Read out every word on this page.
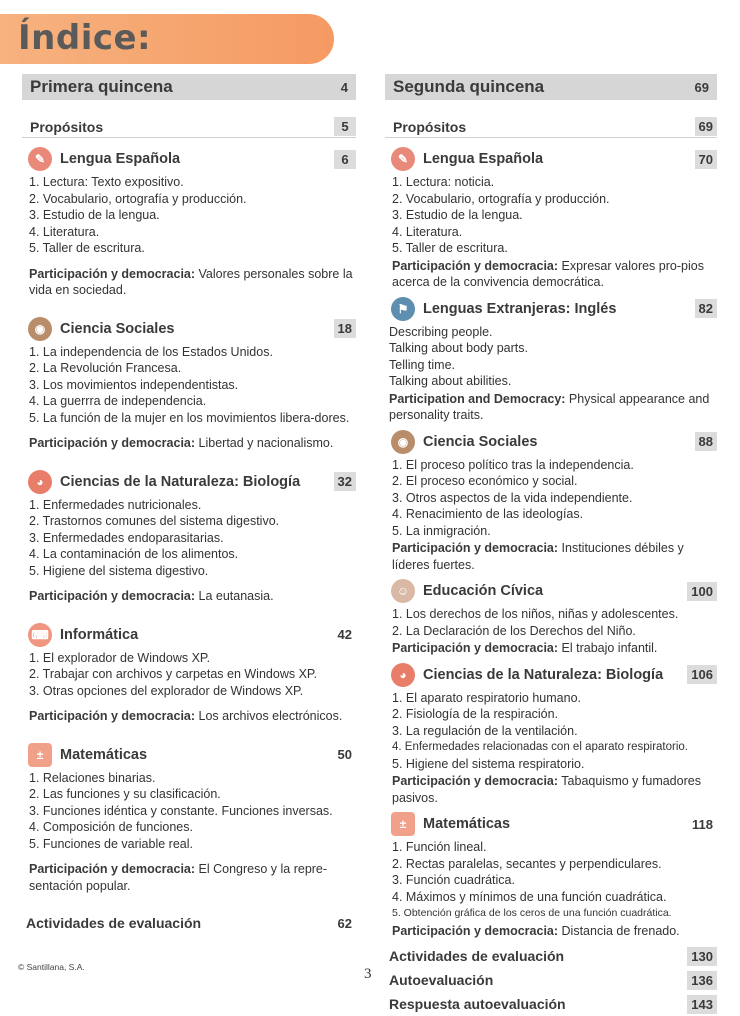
Índice:
Primera quincena	4
Propósitos	5
✎	Lengua Española	6
1. Lectura: Texto expositivo.
2. Vocabulario, ortografía y producción.
3. Estudio de la lengua.
4. Literatura.
5. Taller de escritura.
Participación y democracia: Valores personales sobre la vida en sociedad.
◉	Ciencia Sociales	18
1. La independencia de los Estados Unidos.
2. La Revolución Francesa.
3. Los movimientos independentistas.
4. La guerrra de independencia.
5. La función de la mujer en los movimientos libera-dores.
Participación y democracia: Libertad y nacionalismo.
◕	Ciencias de la Naturaleza: Biología	32
1. Enfermedades nutricionales.
2. Trastornos comunes del sistema digestivo.
3. Enfermedades endoparasitarias.
4. La contaminación de los alimentos.
5. Higiene del sistema digestivo.
Participación y democracia: La eutanasia.
⌨ Informática	42
1. El explorador de Windows XP.
2. Trabajar con archivos y carpetas en Windows XP.
3. Otras opciones del explorador de Windows XP.
Participación y democracia: Los archivos electrónicos.
±	Matemáticas	50
1. Relaciones binarias.
2. Las funciones y su clasificación.
3. Funciones idéntica y constante. Funciones inversas.
4. Composición de funciones.
5. Funciones de variable real.
Participación y democracia: El Congreso y la repre-sentación popular.
Actividades de evaluación	62
Segunda quincena	69
Propósitos	69
✎	Lengua Española	70
1. Lectura: noticia.
2. Vocabulario, ortografía y producción.
3. Estudio de la lengua.
4. Literatura.
5. Taller de escritura.
Participación y democracia: Expresar valores pro-pios acerca de la convivencia democrática.
⚑	Lenguas Extranjeras: Inglés	82
Describing people.
Talking about body parts.
Telling time.
Talking about abilities.
Participation and Democracy: Physical appearance and personality traits.
◉	Ciencia Sociales	88
1. El proceso político tras la independencia.
2. El proceso económico y social.
3. Otros aspectos de la vida independiente.
4. Renacimiento de las ideologías.
5. La inmigración.
Participación y democracia: Instituciones débiles y líderes fuertes.
☺ Educación Cívica	100
1. Los derechos de los niños, niñas y adolescentes.
2. La Declaración de los Derechos del Niño.
Participación y democracia: El trabajo infantil.
◕	Ciencias de la Naturaleza: Biología	106
1. El aparato respiratorio humano.
2. Fisiología de la respiración.
3. La regulación de la ventilación.
4. Enfermedades relacionadas con el aparato respiratorio.
5. Higiene del sistema respiratorio.
Participación y democracia: Tabaquismo y fumadores pasivos.
±	Matemáticas	118
1. Función lineal.
2. Rectas paralelas, secantes y perpendiculares.
3. Función cuadrática.
4. Máximos y mínimos de una función cuadrática.
5. Obtención gráfica de los ceros de una función cuadrática.
Participación y democracia: Distancia de frenado.
Actividades de evaluación	130
Autoevaluación	136
Respuesta autoevaluación	143
© Santillana, S.A.	3
